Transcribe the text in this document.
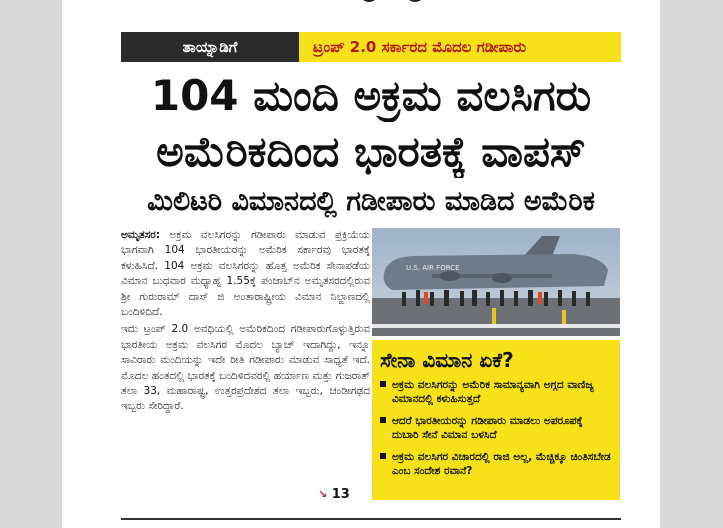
ತಾಯ್ನಾಡಿಗೆ	ಟ್ರಂಪ್ 2.0 ಸರ್ಕಾರದ ಮೊದಲ ಗಡೀಪಾರು
104 ಮಂದಿ ಅಕ್ರಮ ವಲಸಿಗರು
ಅಮೆರಿಕದಿಂದ ಭಾರತಕ್ಕೆ ವಾಪಸ್
ಮಿಲಿಟರಿ ವಿಮಾನದಲ್ಲಿ ಗಡೀಪಾರು ಮಾಡಿದ ಅಮೆರಿಕ

ಅಮೃತಸರ: ಅಕ್ರಮ ವಲಸಿಗರನ್ನು ಗಡೀಪಾರು ಮಾಡುವ ಪ್ರಕ್ರಿಯೆಯ ಭಾಗವಾಗಿ 104 ಭಾರತೀಯರನ್ನು ಅಮೆರಿಕ ಸರ್ಕಾರವು ಭಾರತಕ್ಕೆ ಕಳುಹಿಸಿದೆ. 104 ಅಕ್ರಮ ವಲಸಿಗರನ್ನು ಹೊತ್ತ ಅಮೆರಿಕ ಸೇನಾಪಡೆಯ ವಿಮಾನ ಬುಧವಾರ ಮಧ್ಯಾಹ್ನ 1.55ಕ್ಕೆ ಪಂಜಾಬ್‌ನ ಅಮೃತಸರದಲ್ಲಿರುವ ಶ್ರೀ ಗುರುರಾಮ್ ದಾಸ್ ಜಿ ಅಂತಾರಾಷ್ಟ್ರೀಯ ವಿಮಾನ ನಿಲ್ದಾಣದಲ್ಲಿ ಬಂದಿಳಿದಿದೆ.

ಇದು ಟ್ರಂಪ್ 2.0 ಅವಧಿಯಲ್ಲಿ ಅಮೆರಿಕದಿಂದ ಗಡೀಪಾರುಗೊಳ್ಳುತ್ತಿರುವ ಭಾರತೀಯ ಅಕ್ರಮ ವಲಸಿಗರ ಮೊದಲ ಬ್ಯಾಚ್ ಇದಾಗಿದ್ದು, ಇನ್ನೂ ಸಾವಿರಾರು ಮಂದಿಯನ್ನು ಇದೇ ರೀತಿ ಗಡೀಪಾರು ಮಾಡುವ ಸಾಧ್ಯತೆ ಇದೆ. ಮೊದಲ ಹಂತದಲ್ಲಿ ಭಾರತಕ್ಕೆ ಬಂದಿಳಿದವರಲ್ಲಿ ಹರ್ಯಾಣ ಮತ್ತು ಗುಜರಾತ್ ತಲಾ 33, ಮಹಾರಾಷ್ಟ್ರ, ಉತ್ತರಪ್ರದೇಶದ ತಲಾ ಇಬ್ಬರು, ಚಂಡೀಗಢದ ಇಬ್ಬರು ಸೇರಿದ್ದಾರೆ.

↘ 13
U.S. AIR FORCE
ಸೇನಾ ವಿಮಾನ ಏಕೆ?
ಅಕ್ರಮ ವಲಸಿಗರನ್ನು ಅಮೆರಿಕ ಸಾಮಾನ್ಯವಾಗಿ ಅಗ್ಗದ ವಾಣಿಜ್ಯ ವಿಮಾನದಲ್ಲಿ ಕಳುಹಿಸುತ್ತದೆ
ಆದರೆ ಭಾರತೀಯರನ್ನು ಗಡೀಪಾರು ಮಾಡಲು ಅಪರೂಪಕ್ಕೆ ದುಬಾರಿ ಸೇನೆ ವಿಮಾನ ಬಳಸಿದೆ
ಅಕ್ರಮ ವಲಸಿಗರ ವಿಚಾರದಲ್ಲಿ ರಾಜಿ ಅಲ್ಲ, ಮೆಚ್ಚಿಕ್ಕೂ ಚಿಂತಿಸಬೇಡ ಎಂಬ ಸಂದೇಶ ರವಾನೆ?
